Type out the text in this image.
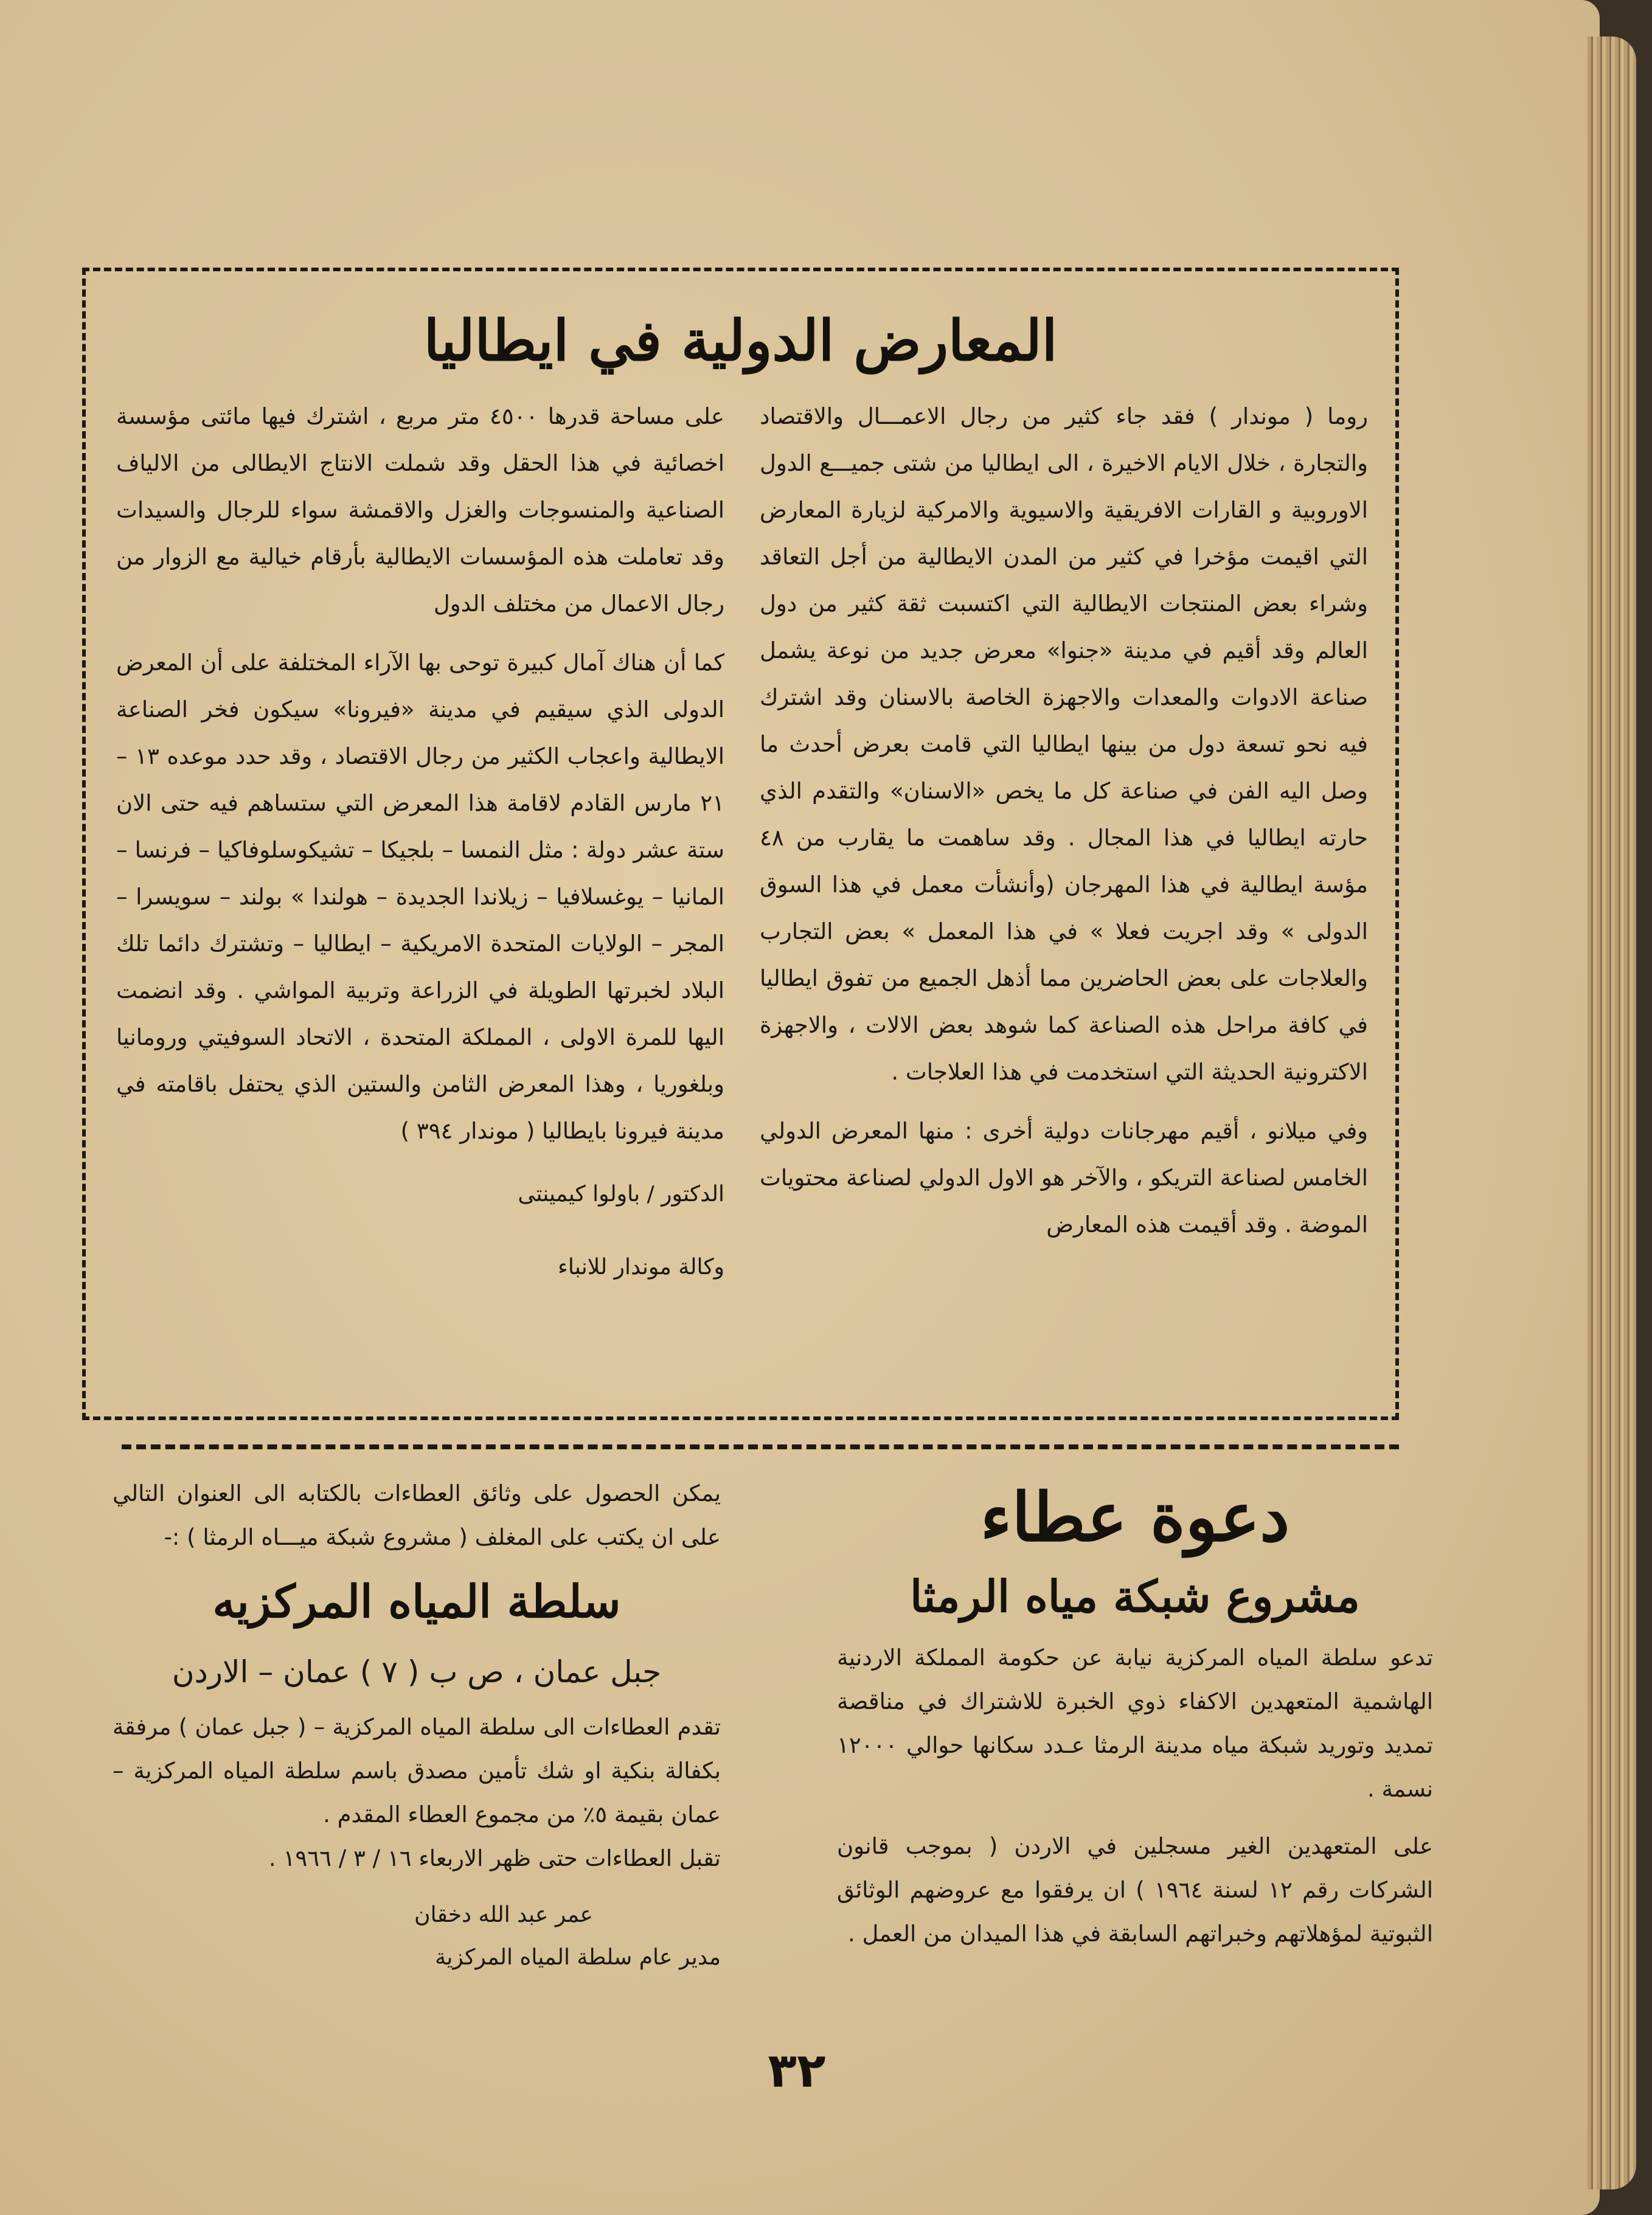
المعارض الدولية في ايطاليا

روما ( موندار ) فقد جاء كثير من رجال الاعمـــال والاقتصاد والتجارة ، خلال الايام الاخيرة ، الى ايطاليا من شتى جميـــع الدول الاوروبية و القارات الافريقية والاسيوية والامركية لزيارة المعارض التي اقيمت مؤخرا في كثير من المدن الايطالية من أجل التعاقد وشراء بعض المنتجات الايطالية التي اكتسبت ثقة كثير من دول العالم وقد أقيم في مدينة «جنوا» معرض جديد من نوعة يشمل صناعة الادوات والمعدات والاجهزة الخاصة بالاسنان وقد اشترك فيه نحو تسعة دول من بينها ايطاليا التي قامت بعرض أحدث ما وصل اليه الفن في صناعة كل ما يخص «الاسنان» والتقدم الذي حارته ايطاليا في هذا المجال . وقد ساهمت ما يقارب من ٤٨ مؤسة ايطالية في هذا المهرجان (وأنشأت معمل في هذا السوق الدولى » وقد اجريت فعلا » في هذا المعمل » بعض التجارب والعلاجات على بعض الحاضرين مما أذهل الجميع من تفوق ايطاليا في كافة مراحل هذه الصناعة كما شوهد بعض الالات ، والاجهزة الاكترونية الحديثة التي استخدمت في هذا العلاجات .

وفي ميلانو ، أقيم مهرجانات دولية أخرى : منها المعرض الدولي الخامس لصناعة التريكو ، والآخر هو الاول الدولي لصناعة محتويات الموضة . وقد أقيمت هذه المعارض

على مساحة قدرها ٤٥٠٠ متر مربع ، اشترك فيها مائتى مؤسسة اخصائية في هذا الحقل وقد شملت الانتاج الايطالى من الالياف الصناعية والمنسوجات والغزل والاقمشة سواء للرجال والسيدات وقد تعاملت هذه المؤسسات الايطالية بأرقام خيالية مع الزوار من رجال الاعمال من مختلف الدول

كما أن هناك آمال كبيرة توحى بها الآراء المختلفة على أن المعرض الدولى الذي سيقيم في مدينة «فيرونا» سيكون فخر الصناعة الايطالية واعجاب الكثير من رجال الاقتصاد ، وقد حدد موعده ١٣ – ٢١ مارس القادم لاقامة هذا المعرض التي ستساهم فيه حتى الان ستة عشر دولة : مثل النمسا – بلجيكا – تشيكوسلوفاكيا – فرنسا – المانيا – يوغسلافيا – زيلاندا الجديدة – هولندا » بولند – سويسرا – المجر – الولايات المتحدة الامريكية – ايطاليا – وتشترك دائما تلك البلاد لخبرتها الطويلة في الزراعة وتربية المواشي . وقد انضمت اليها للمرة الاولى ، المملكة المتحدة ، الاتحاد السوفيتي ورومانيا وبلغوريا ، وهذا المعرض الثامن والستين الذي يحتفل باقامته في مدينة فيرونا بايطاليا ( موندار ٣٩٤ )

الدكتور / باولوا كيمينتى
وكالة موندار للانباء
دعوة عطاء
مشروع شبكة مياه الرمثا

تدعو سلطة المياه المركزية نيابة عن حكومة المملكة الاردنية الهاشمية المتعهدين الاكفاء ذوي الخبرة للاشتراك في مناقصة تمديد وتوريد شبكة مياه مدينة الرمثا عـدد سكانها حوالي ١٢٠٠٠ نسمة .

على المتعهدين الغير مسجلين في الاردن ( بموجب قانون الشركات رقم ١٢ لسنة ١٩٦٤ ) ان يرفقوا مع عروضهم الوثائق الثبوتية لمؤهلاتهم وخبراتهم السابقة في هذا الميدان من العمل .

يمكن الحصول على وثائق العطاءات بالكتابه الى العنوان التالي على ان يكتب على المغلف ( مشروع شبكة ميـــاه الرمثا ) :-
سلطة المياه المركزيه
جبل عمان ، ص ب ( ٧ ) عمان – الاردن

تقدم العطاءات الى سلطة المياه المركزية – ( جبل عمان ) مرفقة بكفالة بنكية او شك تأمين مصدق باسم سلطة المياه المركزية – عمان بقيمة ٥٪ من مجموع العطاء المقدم .

تقبل العطاءات حتى ظهر الاربعاء ١٦ / ٣ / ١٩٦٦ .

عمر عبد الله دخقان
مدير عام سلطة المياه المركزية
٣٢
